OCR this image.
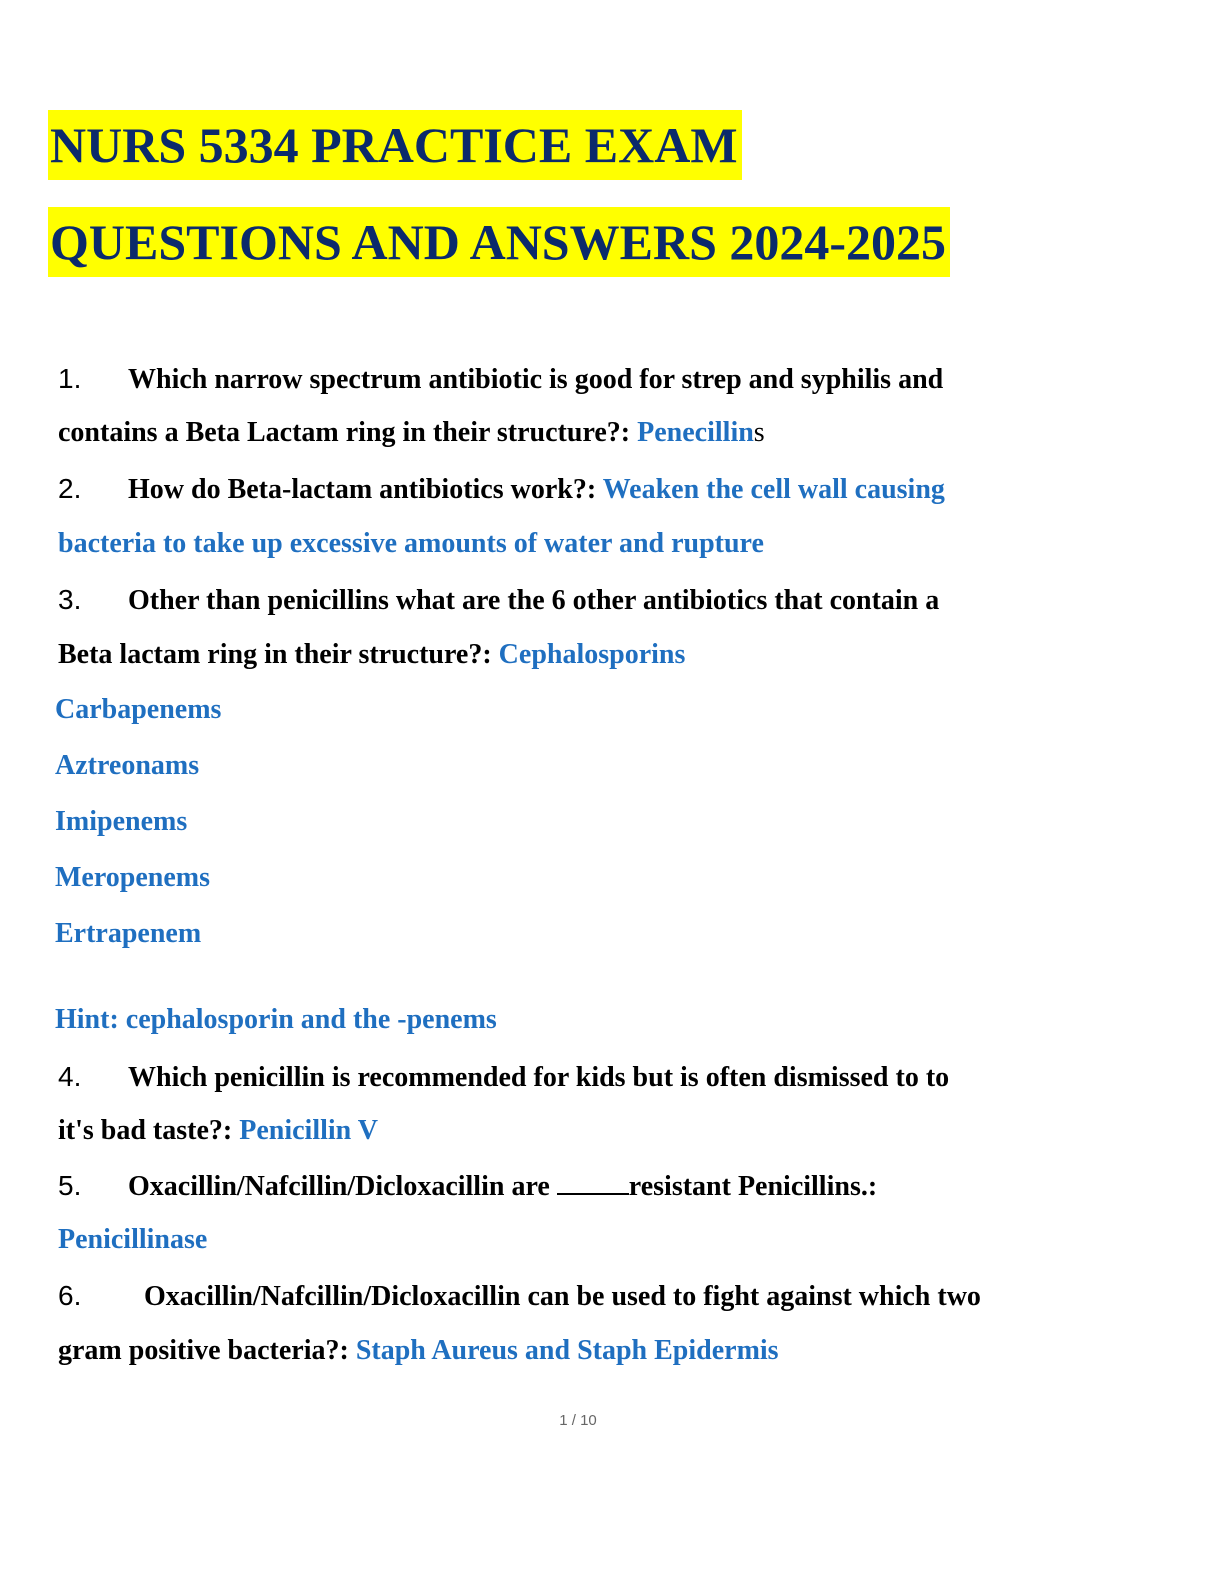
NURS 5334 PRACTICE EXAM
QUESTIONS AND ANSWERS 2024-2025
1. Which narrow spectrum antibiotic is good for strep and syphilis and
contains a Beta Lactam ring in their structure?: Penecillins
2. How do Beta-lactam antibiotics work?: Weaken the cell wall causing
bacteria to take up excessive amounts of water and rupture
3. Other than penicillins what are the 6 other antibiotics that contain a
Beta lactam ring in their structure?: Cephalosporins
Carbapenems
Aztreonams
Imipenems
Meropenems
Ertrapenem
Hint: cephalosporin and the -penems
4. Which penicillin is recommended for kids but is often dismissed to to
it's bad taste?: Penicillin V
5. Oxacillin/Nafcillin/Dicloxacillin are	resistant Penicillins.:
Penicillinase
6. Oxacillin/Nafcillin/Dicloxacillin can be used to fight against which two
gram positive bacteria?: Staph Aureus and Staph Epidermis
1 / 10
